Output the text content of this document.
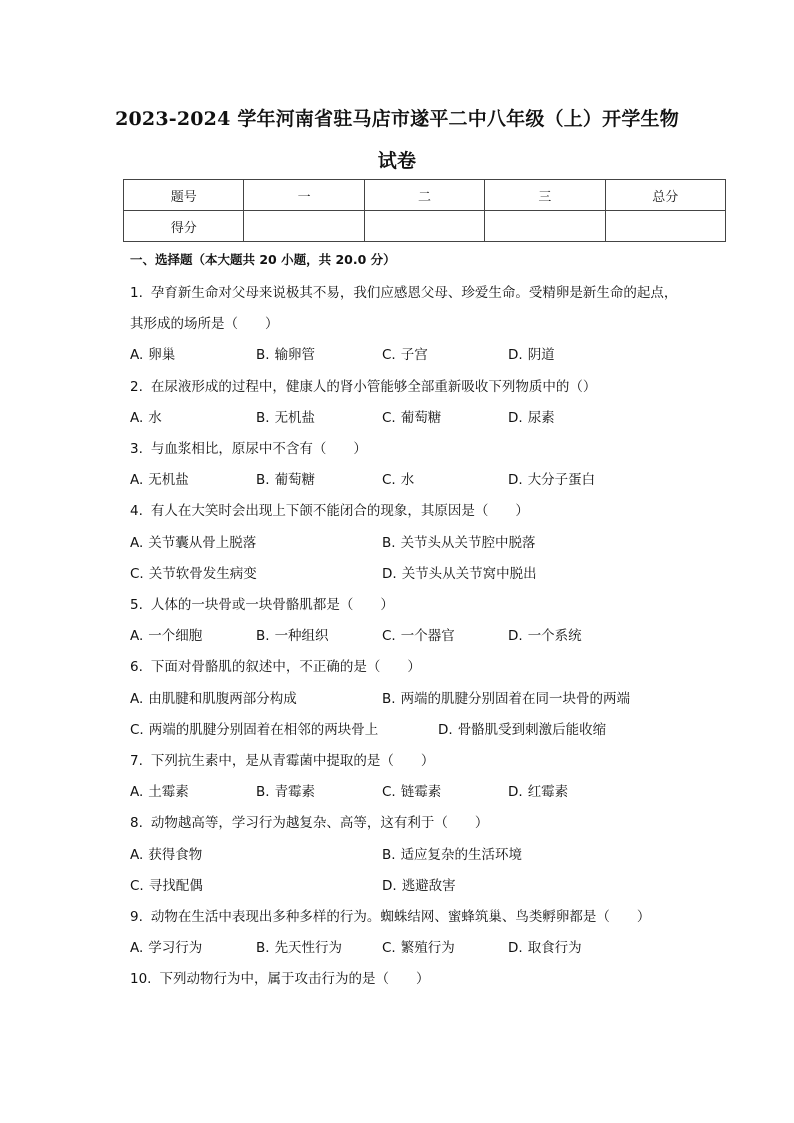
2023-2024 学年河南省驻马店市遂平二中八年级（上）开学生物
试卷
题号	一	二	三	总分
得分				
一、选择题（本大题共 20 小题，共 20.0 分）
1. 孕育新生命对父母来说极其不易，我们应感恩父母、珍爱生命。受精卵是新生命的起点，
其形成的场所是（　　）
A. 卵巢	B. 输卵管	C. 子宫	D. 阴道
2. 在尿液形成的过程中，健康人的肾小管能够全部重新吸收下列物质中的（）
A. 水	B. 无机盐	C. 葡萄糖	D. 尿素
3. 与血浆相比，原尿中不含有（　　）
A. 无机盐	B. 葡萄糖	C. 水	D. 大分子蛋白
4. 有人在大笑时会出现上下颌不能闭合的现象，其原因是（　　）
A. 关节囊从骨上脱落	B. 关节头从关节腔中脱落
C. 关节软骨发生病变	D. 关节头从关节窝中脱出
5. 人体的一块骨或一块骨骼肌都是（　　）
A. 一个细胞	B. 一种组织	C. 一个器官	D. 一个系统
6. 下面对骨骼肌的叙述中，不正确的是（　　）
A. 由肌腱和肌腹两部分构成	B. 两端的肌腱分别固着在同一块骨的两端
C. 两端的肌腱分别固着在相邻的两块骨上	D. 骨骼肌受到刺激后能收缩
7. 下列抗生素中，是从青霉菌中提取的是（　　）
A. 土霉素	B. 青霉素	C. 链霉素	D. 红霉素
8. 动物越高等，学习行为越复杂、高等，这有利于（　　）
A. 获得食物	B. 适应复杂的生活环境
C. 寻找配偶	D. 逃避敌害
9. 动物在生活中表现出多种多样的行为。蜘蛛结网、蜜蜂筑巢、鸟类孵卵都是（　　）
A. 学习行为	B. 先天性行为	C. 繁殖行为	D. 取食行为
10. 下列动物行为中，属于攻击行为的是（　　）
